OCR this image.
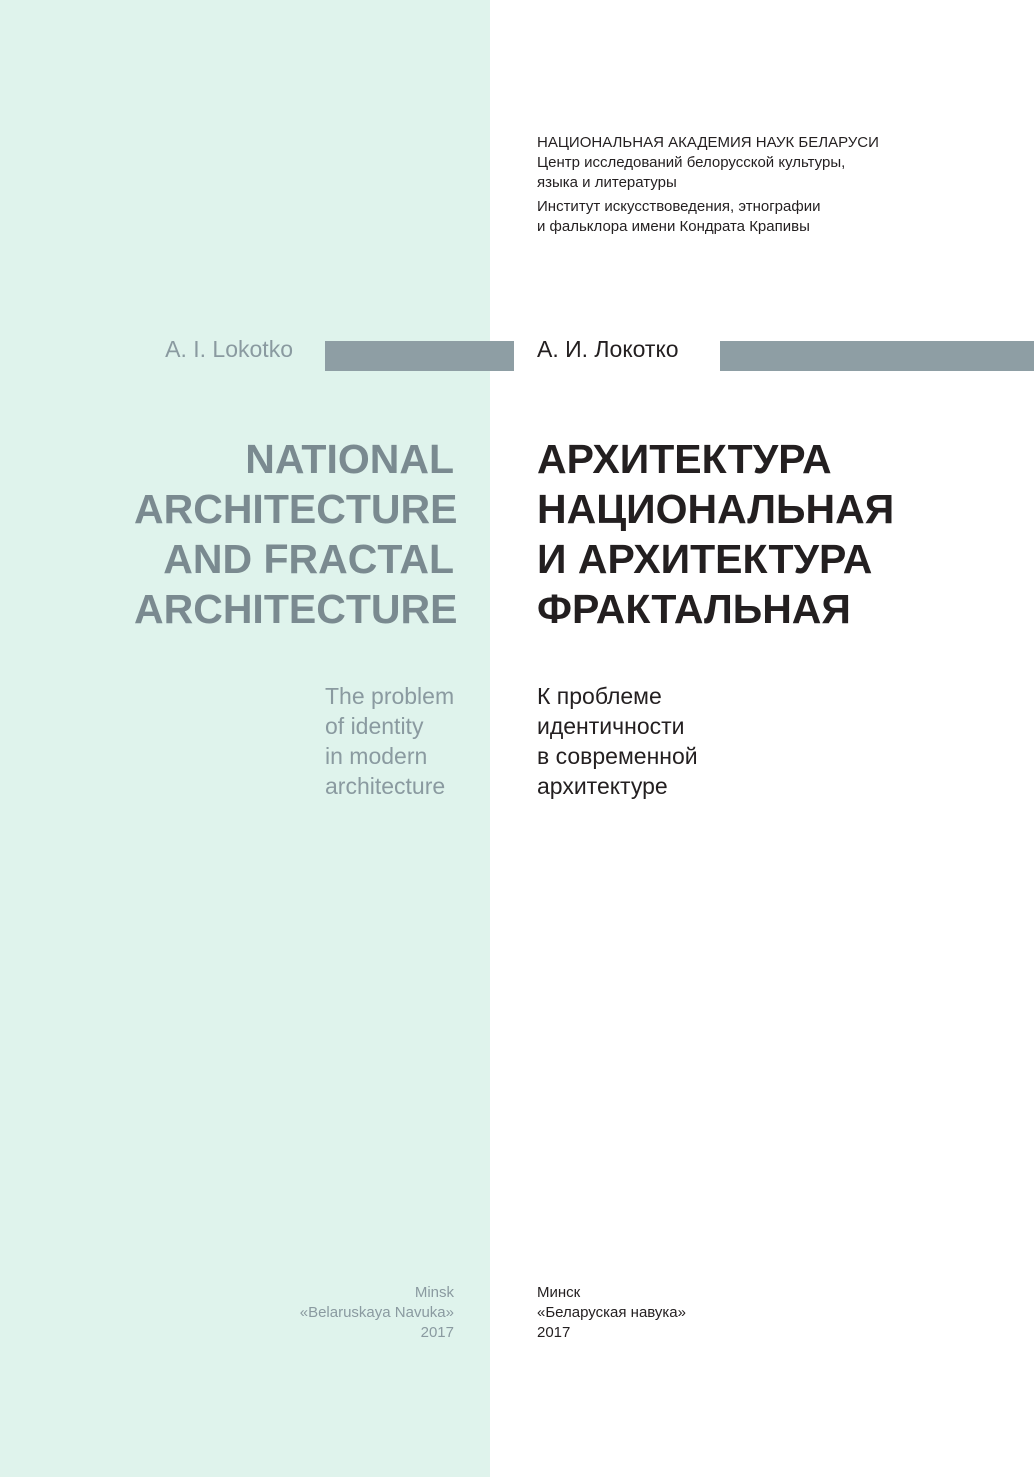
НАЦИОНАЛЬНАЯ АКАДЕМИЯ НАУК БЕЛАРУСИ
Центр исследований белорусской культуры,
языка и литературы
Институт искусствоведения, этнографии
и фальклора имени Кондрата Крапивы
A. I. Lokotko	А. И. Локотко
NATIONAL
ARCHITECTURE
AND FRACTAL
ARCHITECTURE
АРХИТЕКТУРА
НАЦИОНАЛЬНАЯ
И АРХИТЕКТУРА
ФРАКТАЛЬНАЯ
The problem
of identity
in modern
architecture
К проблеме
идентичности
в современной
архитектуре
Minsk
«Belaruskaya Navuka»
2017
Минск
«Беларуская навука»
2017
